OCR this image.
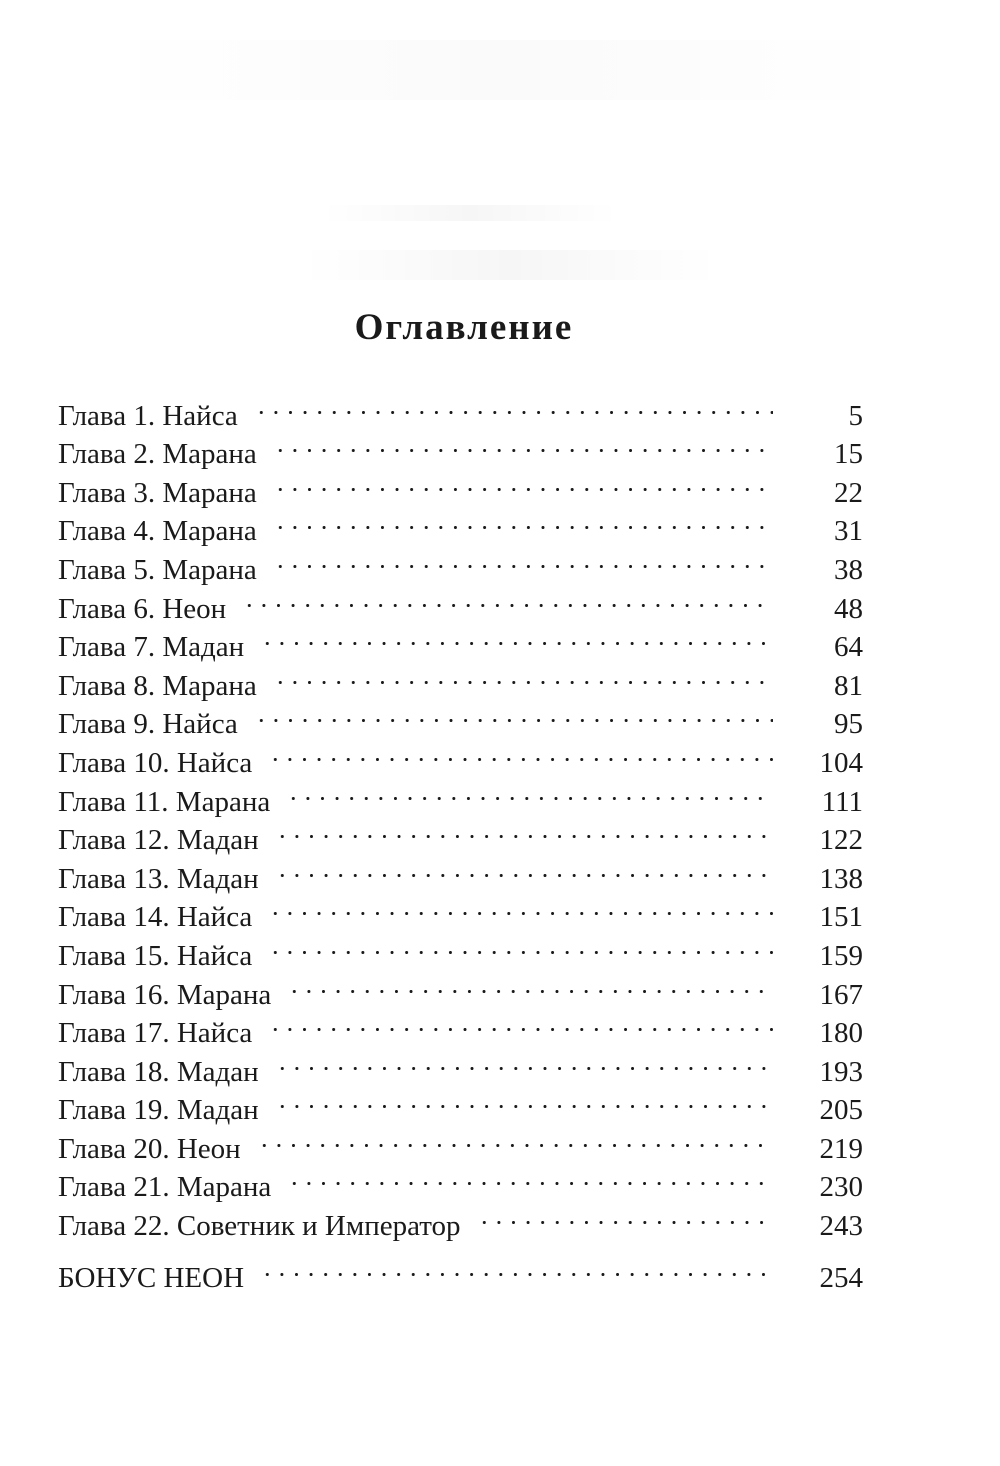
Оглавление
Глава 1. Найса	5
Глава 2. Марана	15
Глава 3. Марана	22
Глава 4. Марана	31
Глава 5. Марана	38
Глава 6. Неон	48
Глава 7. Мадан	64
Глава 8. Марана	81
Глава 9. Найса	95
Глава 10. Найса	104
Глава 11. Марана	111
Глава 12. Мадан	122
Глава 13. Мадан	138
Глава 14. Найса	151
Глава 15. Найса	159
Глава 16. Марана	167
Глава 17. Найса	180
Глава 18. Мадан	193
Глава 19. Мадан	205
Глава 20. Неон	219
Глава 21. Марана	230
Глава 22. Советник и Император	243
БОНУС НЕОН	254
